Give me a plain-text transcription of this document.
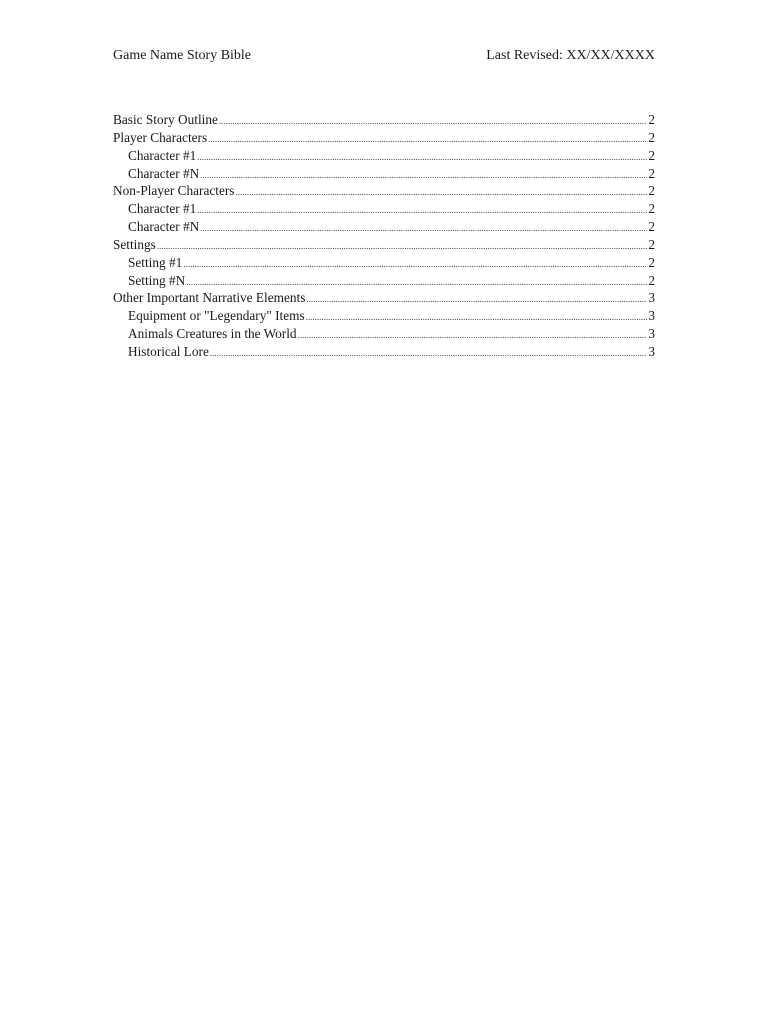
Game Name Story Bible	Last Revised: XX/XX/XXXX
Basic Story Outline .....	2
Player Characters .....	2
Character #1 .....	2
Character #N .....	2
Non-Player Characters .....	2
Character #1 .....	2
Character #N .....	2
Settings .....	2
Setting #1 .....	2
Setting #N .....	2
Other Important Narrative Elements .....	3
Equipment or "Legendary" Items .....	3
Animals Creatures in the World .....	3
Historical Lore .....	3
